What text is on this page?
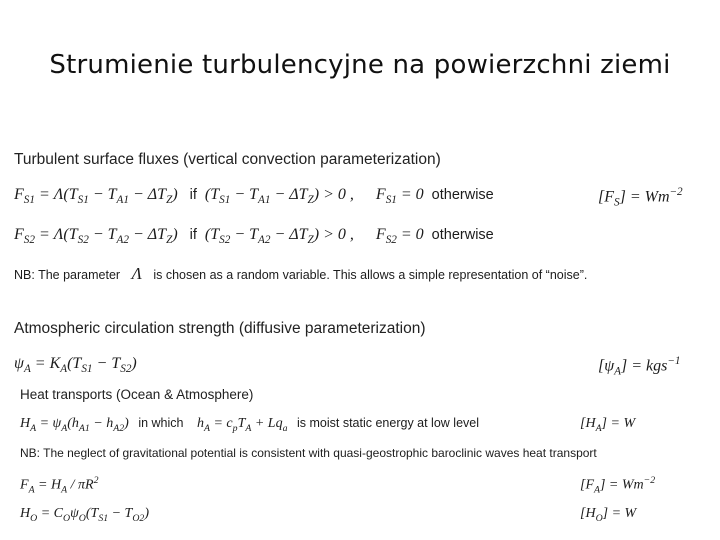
Strumienie turbulencyjne na powierzchni ziemi
Turbulent surface fluxes (vertical convection parameterization)
$F_{S1} = \Lambda(T_{S1} - T_{A1} - \Delta T_Z)$ if $(T_{S1} - T_{A1} - \Delta T_Z) > 0$ , $F_{S1} = 0$ otherwise	$[F_S] = Wm^{-2}$
$F_{S2} = \Lambda(T_{S2} - T_{A2} - \Delta T_Z)$ if $(T_{S2} - T_{A2} - \Delta T_Z) > 0$ , $F_{S2} = 0$ otherwise
NB: The parameter Λ is chosen as a random variable. This allows a simple representation of “noise”.
Atmospheric circulation strength (diffusive parameterization)
$\psi_A = K_A(T_{S1} - T_{S2})$	$[\psi_A] = kgs^{-1}$
Heat transports (Ocean & Atmosphere)
$H_A = \psi_A(h_{A1} - h_{A2})$ in which $h_A = c_pT_A + Lq_a$ is moist static energy at low level	$[H_A] = W$
NB: The neglect of gravitational potential is consistent with quasi-geostrophic baroclinic waves heat transport
$F_A = H_A / \pi R^2$	$[F_A] = Wm^{-2}$
$H_O = C_O\psi_O(T_{S1} - T_{O2})$	$[H_O] = W$
